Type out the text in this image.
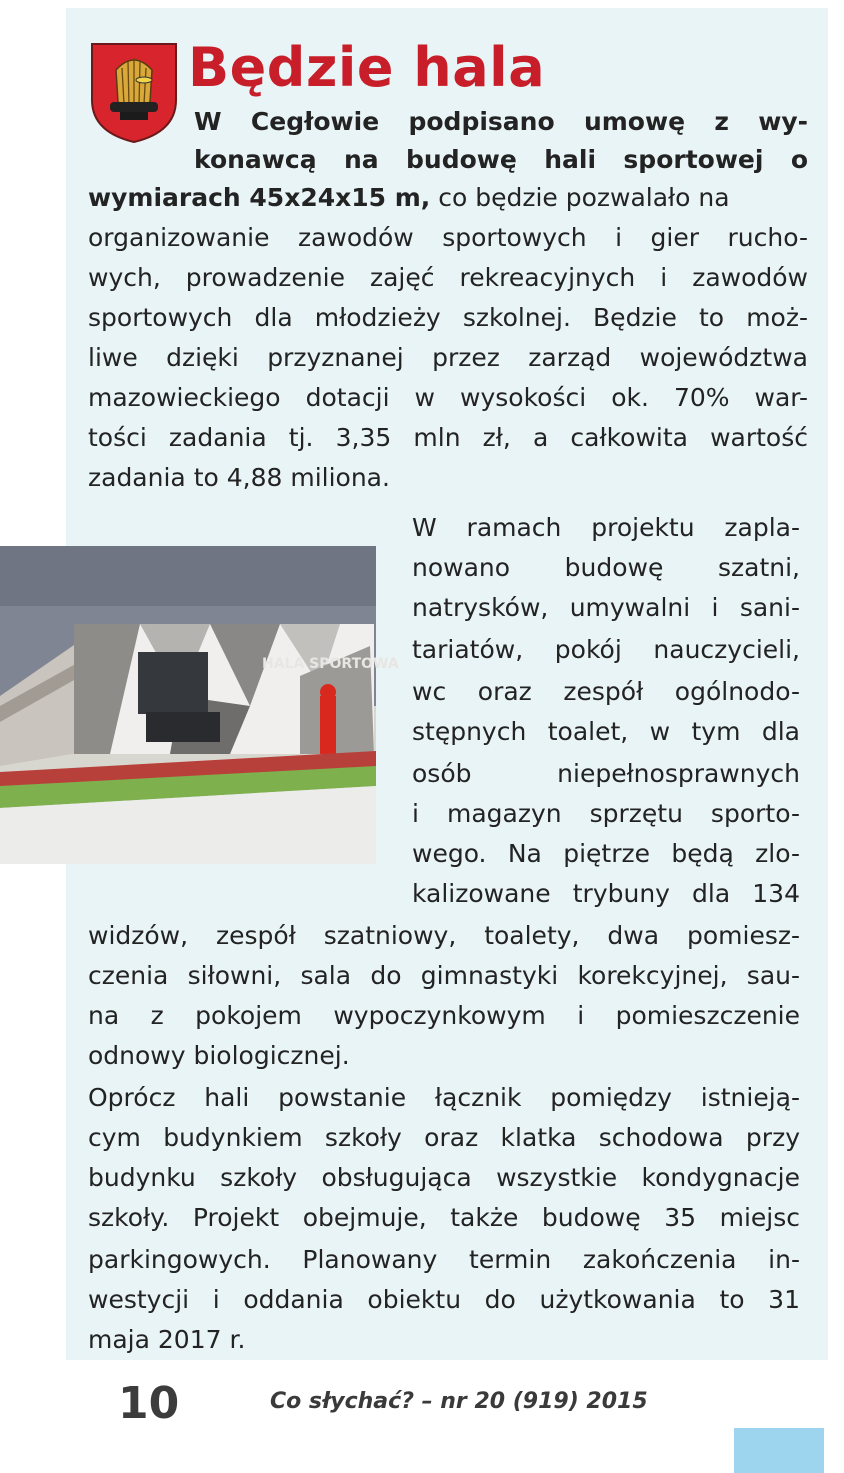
Będzie hala
W Cegłowie podpisano umowę z wy-
konawcą na budowę hali sportowej o
wymiarach 45x24x15 m, co będzie pozwalało na
organizowanie zawodów sportowych i gier rucho-
wych, prowadzenie zajęć rekreacyjnych i zawodów
sportowych dla młodzieży szkolnej. Będzie to moż-
liwe dzięki przyznanej przez zarząd województwa
mazowieckiego dotacji w wysokości ok. 70% war-
tości zadania tj. 3,35 mln zł, a całkowita wartość
zadania to 4,88 miliona.
HALA SPORTOWA
W ramach projektu zapla-
nowano budowę szatni,
natrysków, umywalni i sani-
tariatów, pokój nauczycieli,
wc oraz zespół ogólnodo-
stępnych toalet, w tym dla
osób niepełnosprawnych
i magazyn sprzętu sporto-
wego. Na piętrze będą zlo-
kalizowane trybuny dla 134
widzów, zespół szatniowy, toalety, dwa pomiesz-
czenia siłowni, sala do gimnastyki korekcyjnej, sau-
na z pokojem wypoczynkowym i pomieszczenie
odnowy biologicznej.
Oprócz hali powstanie łącznik pomiędzy istnieją-
cym budynkiem szkoły oraz klatka schodowa przy
budynku szkoły obsługująca wszystkie kondygnacje
szkoły. Projekt obejmuje, także budowę 35 miejsc
parkingowych. Planowany termin zakończenia in-
westycji i oddania obiektu do użytkowania to 31
maja 2017 r.
10	Co słychać? – nr 20 (919) 2015
